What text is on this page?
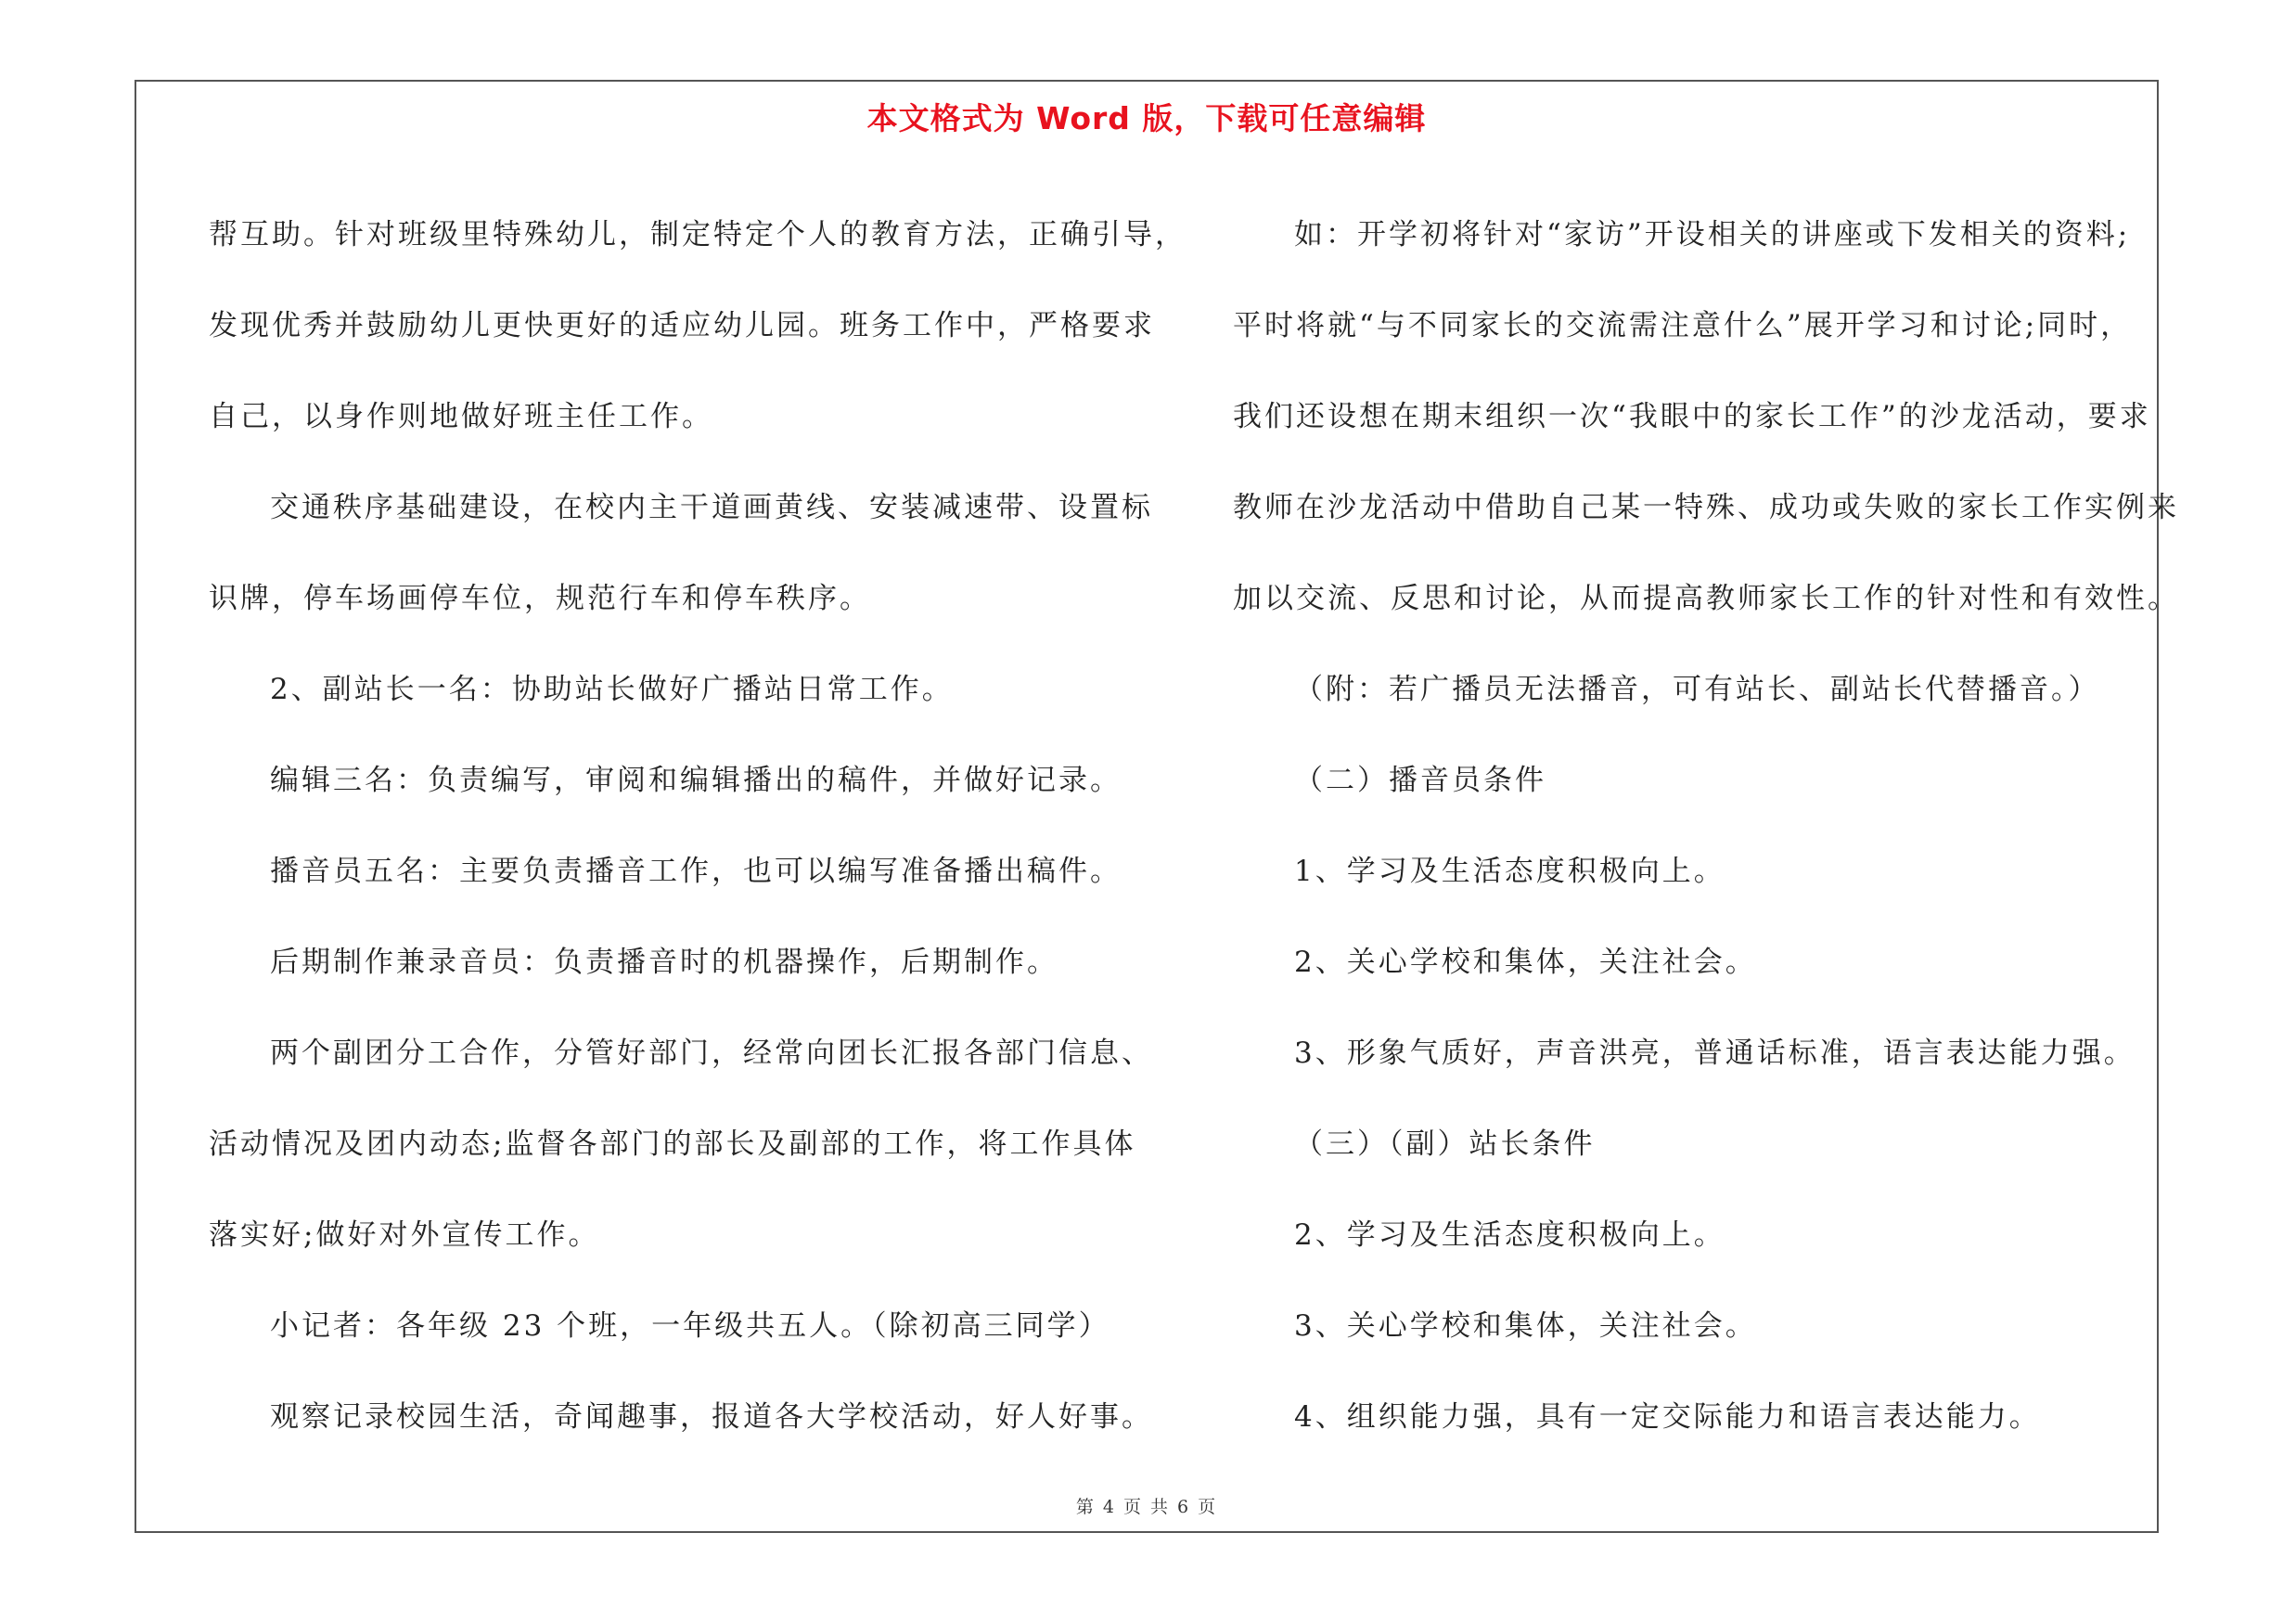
本文格式为 Word 版，下载可任意编辑
帮互助。针对班级里特殊幼儿，制定特定个人的教育方法，正确引导，
发现优秀并鼓励幼儿更快更好的适应幼儿园。班务工作中，严格要求
自己，以身作则地做好班主任工作。
交通秩序基础建设，在校内主干道画黄线、安装减速带、设置标
识牌，停车场画停车位，规范行车和停车秩序。
2、副站长一名：协助站长做好广播站日常工作。
编辑三名：负责编写，审阅和编辑播出的稿件，并做好记录。
播音员五名：主要负责播音工作，也可以编写准备播出稿件。
后期制作兼录音员：负责播音时的机器操作，后期制作。
两个副团分工合作，分管好部门，经常向团长汇报各部门信息、
活动情况及团内动态;监督各部门的部长及副部的工作，将工作具体
落实好;做好对外宣传工作。
小记者：各年级 23 个班，一年级共五人。（除初高三同学）
观察记录校园生活，奇闻趣事，报道各大学校活动，好人好事。
如：开学初将针对“家访”开设相关的讲座或下发相关的资料;
平时将就“与不同家长的交流需注意什么”展开学习和讨论;同时，
我们还设想在期末组织一次“我眼中的家长工作”的沙龙活动，要求
教师在沙龙活动中借助自己某一特殊、成功或失败的家长工作实例来
加以交流、反思和讨论，从而提高教师家长工作的针对性和有效性。
（附：若广播员无法播音，可有站长、副站长代替播音。）
（二）播音员条件
1、学习及生活态度积极向上。
2、关心学校和集体，关注社会。
3、形象气质好，声音洪亮，普通话标准，语言表达能力强。
（三）（副）站长条件
2、学习及生活态度积极向上。
3、关心学校和集体，关注社会。
4、组织能力强，具有一定交际能力和语言表达能力。
第 4 页 共 6 页
